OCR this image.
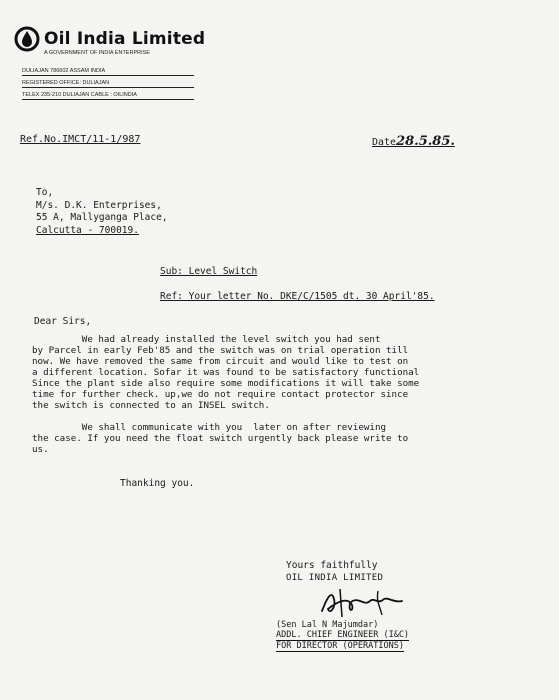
Oil India Limited
A GOVERNMENT OF INDIA ENTERPRISE
DULIAJAN 786602 ASSAM INDIA
REGISTERED OFFICE: DULIAJAN
TELEX 235-210 DULIAJAN CABLE : OILINDIA
Ref.No.IMCT/11-1/987	Date28.5.85.
To,
M/s. D.K. Enterprises,
55 A, Mallyganga Place,
Calcutta - 700019.
Sub: Level Switch
Ref: Your letter No. DKE/C/1505 dt. 30 April'85.
Dear Sirs,
We had already installed the level switch you had sent
by Parcel in early Feb'85 and the switch was on trial operation till
now. We have removed the same from circuit and would like to test on
a different location. Sofar it was found to be satisfactory functional
Since the plant side also require some modifications it will take some
time for further check. up,we do not require contact protector since
the switch is connected to an INSEL switch.
We shall communicate with you  later on after reviewing
the case. If you need the float switch urgently back please write to
us.
Thanking you.
Yours faithfully
OIL INDIA LIMITED
(Sen Lal N Majumdar)
ADDL. CHIEF ENGINEER (I&C)
FOR DIRECTOR (OPERATIONS)
